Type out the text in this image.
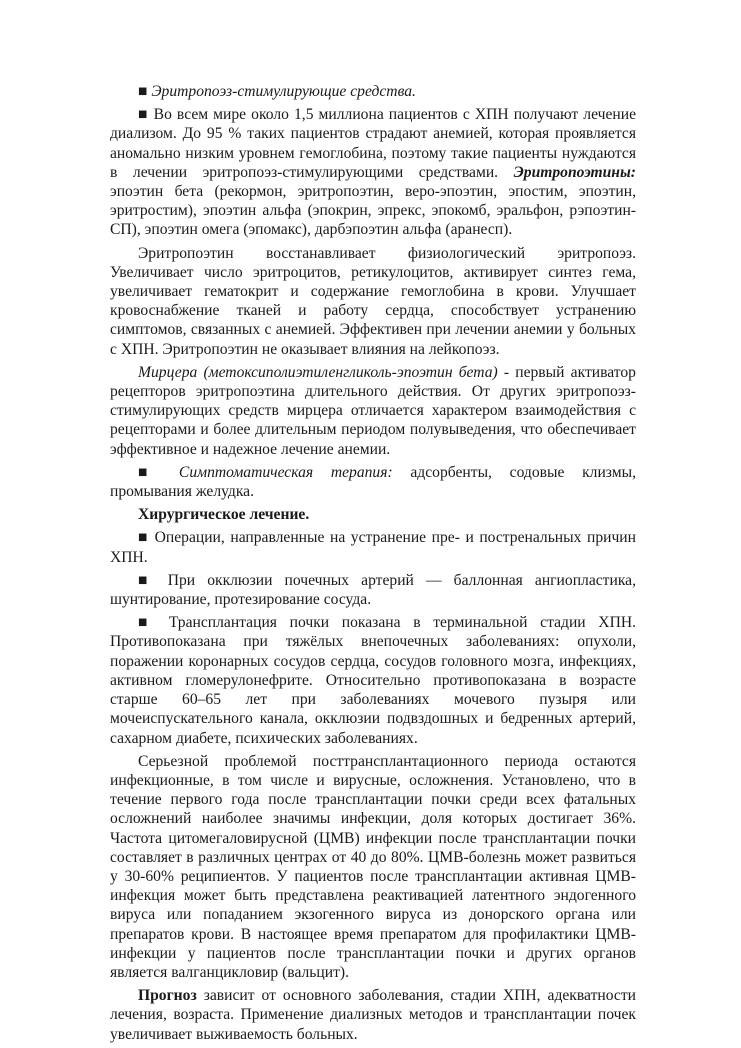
■ Эритропоэз-стимулирующие средства.

■ Во всем мире около 1,5 миллиона пациентов с ХПН получают лечение диализом. До 95 % таких пациентов страдают анемией, которая проявляется аномально низким уровнем гемоглобина, поэтому такие пациенты нуждаются в лечении эритропоэз-стимулирующими средствами. Эритропоэтины: эпоэтин бета (рекормон, эритропоэтин, веро-эпоэтин, эпостим, эпоэтин, эритростим), эпоэтин альфа (эпокрин, эпрекс, эпокомб, эральфон, рэпоэтин-СП), эпоэтин омега (эпомакс), дарбэпоэтин альфа (аранесп).

Эритропоэтин восстанавливает физиологический эритропоэз. Увеличивает число эритроцитов, ретикулоцитов, активирует синтез гема, увеличивает гематокрит и содержание гемоглобина в крови. Улучшает кровоснабжение тканей и работу сердца, способствует устранению симптомов, связанных с анемией. Эффективен при лечении анемии у больных с ХПН. Эритропоэтин не оказывает влияния на лейкопоэз.

Мирцера (метоксиполиэтиленгликоль-эпоэтин бета) - первый активатор рецепторов эритропоэтина длительного действия. От других эритропоэз-стимулирующих средств мирцера отличается характером взаимодействия с рецепторами и более длительным периодом полувыведения, что обеспечивает эффективное и надежное лечение анемии.

■ Симптоматическая терапия: адсорбенты, содовые клизмы, промывания желудка.

Хирургическое лечение.

■ Операции, направленные на устранение пре- и постренальных причин ХПН.

■ При окклюзии почечных артерий — баллонная ангиопластика, шунтирование, протезирование сосуда.

■ Трансплантация почки показана в терминальной стадии ХПН. Противопоказана при тяжёлых внепочечных заболеваниях: опухоли, поражении коронарных сосудов сердца, сосудов головного мозга, инфекциях, активном гломерулонефрите. Относительно противопоказана в возрасте старше 60–65 лет при заболеваниях мочевого пузыря или мочеиспускательного канала, окклюзии подвздошных и бедренных артерий, сахарном диабете, психических заболеваниях.

Серьезной проблемой посттрансплантационного периода остаются инфекционные, в том числе и вирусные, осложнения. Установлено, что в течение первого года после трансплантации почки среди всех фатальных осложнений наиболее значимы инфекции, доля которых достигает 36%. Частота цитомегаловирусной (ЦМВ) инфекции после трансплантации почки составляет в различных центрах от 40 до 80%. ЦМВ-болезнь может развиться у 30-60% реципиентов. У пациентов после трансплантации активная ЦМВ-инфекция может быть представлена реактивацией латентного эндогенного вируса или попаданием экзогенного вируса из донорского органа или препаратов крови. В настоящее время препаратом для профилактики ЦМВ-инфекции у пациентов после трансплантации почки и других органов является валганцикловир (вальцит).

Прогноз зависит от основного заболевания, стадии ХПН, адекватности лечения, возраста. Применение диализных методов и трансплантации почек увеличивает выживаемость больных.
